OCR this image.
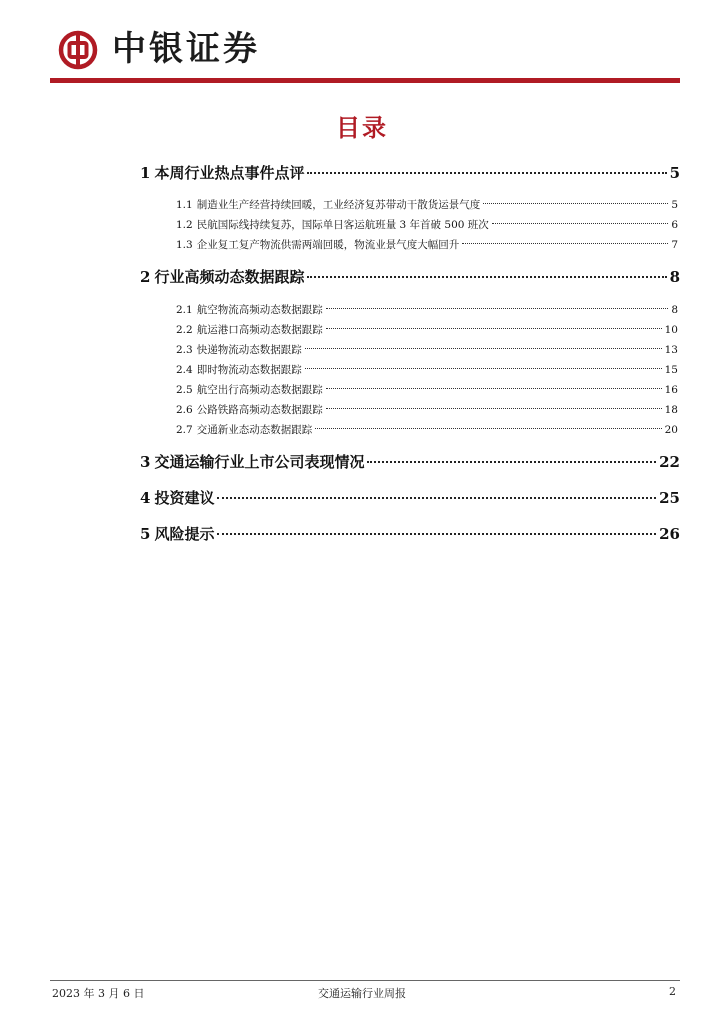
中银证券
目录
1 本周行业热点事件点评	5
1.1 制造业生产经营持续回暖，工业经济复苏带动干散货运景气度	5
1.2 民航国际线持续复苏，国际单日客运航班量 3 年首破 500 班次	6
1.3 企业复工复产物流供需两端回暖，物流业景气度大幅回升	7
2 行业高频动态数据跟踪	8
2.1 航空物流高频动态数据跟踪	8
2.2 航运港口高频动态数据跟踪	10
2.3 快递物流动态数据跟踪	13
2.4 即时物流动态数据跟踪	15
2.5 航空出行高频动态数据跟踪	16
2.6 公路铁路高频动态数据跟踪	18
2.7 交通新业态动态数据跟踪	20
3 交通运输行业上市公司表现情况	22
4 投资建议	25
5 风险提示	26
2023 年 3 月 6 日	交通运输行业周报	2
